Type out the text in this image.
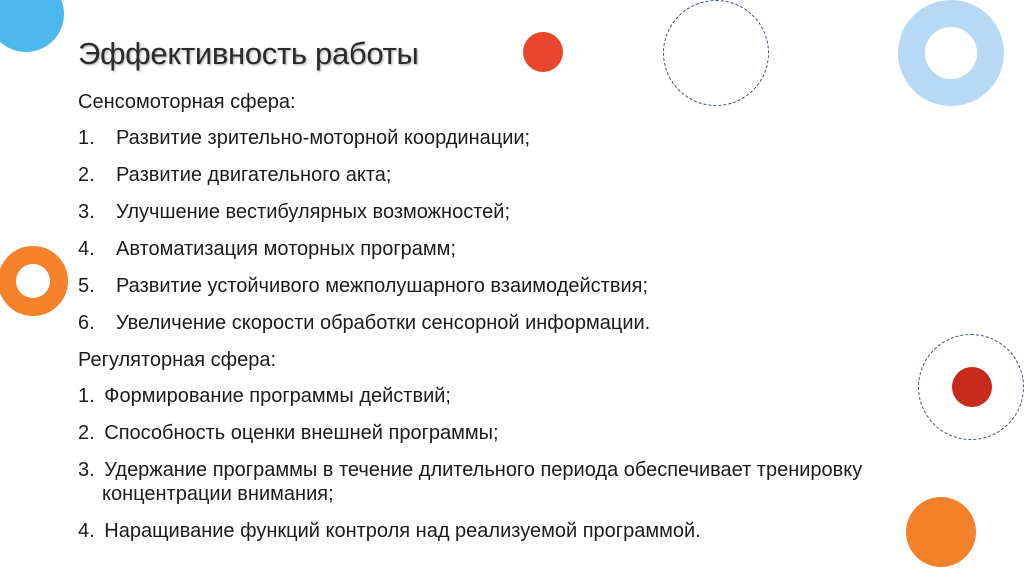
Эффективность работы

Сенсомоторная сфера:

1.	Развитие зрительно-моторной координации;
2.	Развитие двигательного акта;
3.	Улучшение вестибулярных возможностей;
4.	Автоматизация моторных программ;
5.	Развитие устойчивого межполушарного взаимодействия;
6.	Увеличение скорости обработки сенсорной информации.

Регуляторная сфера:

1. Формирование программы действий;
2. Способность оценки внешней программы;
3. Удержание программы в течение длительного периода обеспечивает тренировку концентрации внимания;
4. Наращивание функций контроля над реализуемой программой.
